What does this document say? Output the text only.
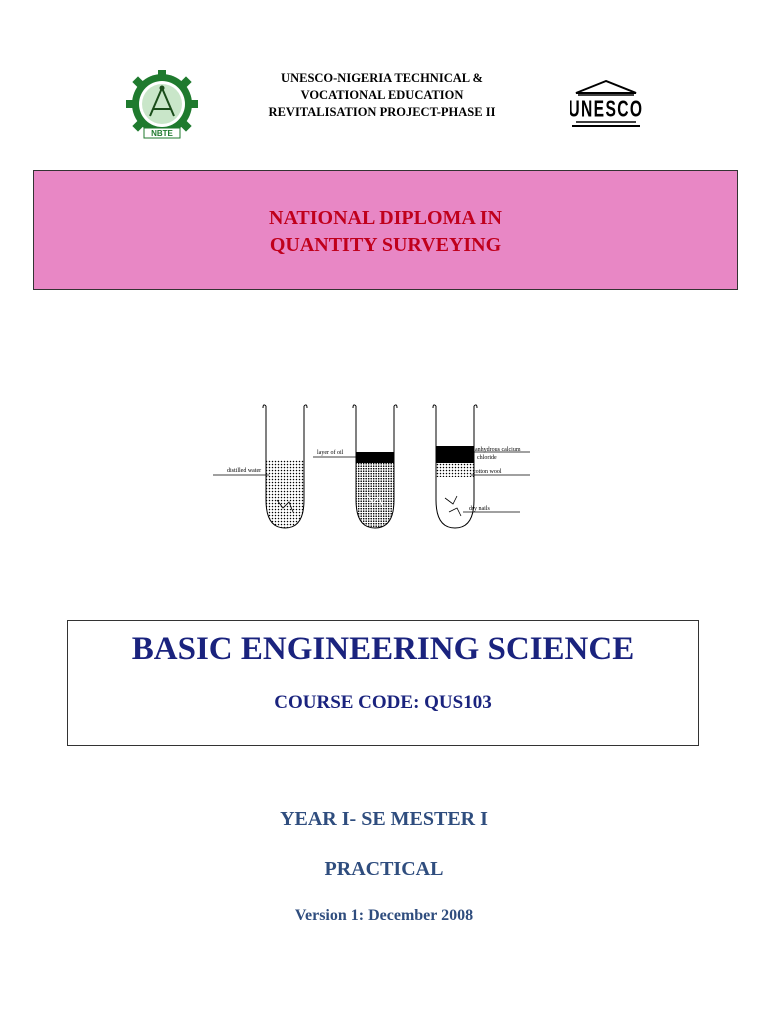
NBTE
UNESCO-NIGERIA TECHNICAL &
VOCATIONAL EDUCATION
REVITALISATION PROJECT-PHASE II	UNESCO
NATIONAL DIPLOMA IN
QUANTITY SURVEYING
distilled water
layer of oil	anhydrous calcium
chloride
cotton wool
dry nails
BASIC ENGINEERING SCIENCE
COURSE CODE: QUS103
YEAR I- SE MESTER I
PRACTICAL
Version 1: December 2008
